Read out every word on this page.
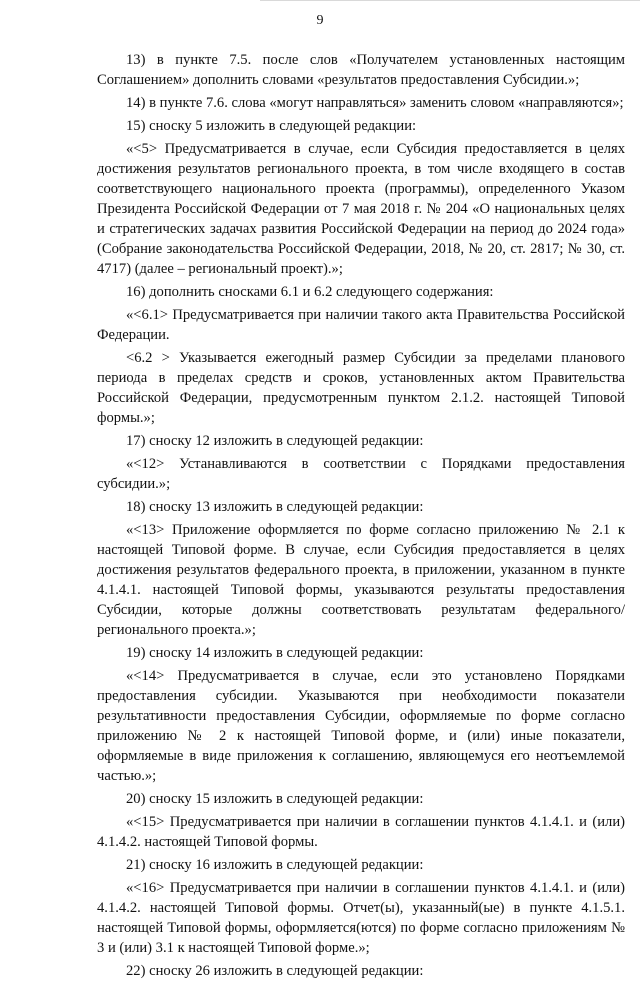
9

13) в пункте 7.5. после слов «Получателем установленных настоящим Соглашением» дополнить словами «результатов предоставления Субсидии.»;

14) в пункте 7.6. слова «могут направляться» заменить словом «направляются»;

15) сноску 5 изложить в следующей редакции:

«<5> Предусматривается в случае, если Субсидия предоставляется в целях достижения результатов регионального проекта, в том числе входящего в состав соответствующего национального проекта (программы), определенного Указом Президента Российской Федерации от 7 мая 2018 г. № 204 «О национальных целях и стратегических задачах развития Российской Федерации на период до 2024 года» (Собрание законодательства Российской Федерации, 2018, № 20, ст. 2817; № 30, ст. 4717) (далее – региональный проект).»;

16) дополнить сносками 6.1 и 6.2 следующего содержания:

«<6.1> Предусматривается при наличии такого акта Правительства Российской Федерации.

<6.2 > Указывается ежегодный размер Субсидии за пределами планового периода в пределах средств и сроков, установленных актом Правительства Российской Федерации, предусмотренным пунктом 2.1.2. настоящей Типовой формы.»;

17) сноску 12 изложить в следующей редакции:

«<12> Устанавливаются в соответствии с Порядками предоставления субсидии.»;

18) сноску 13 изложить в следующей редакции:

«<13> Приложение оформляется по форме согласно приложению № 2.1 к настоящей Типовой форме. В случае, если Субсидия предоставляется в целях достижения результатов федерального проекта, в приложении, указанном в пункте 4.1.4.1. настоящей Типовой формы, указываются результаты предоставления Субсидии, которые должны соответствовать результатам федерального/регионального проекта.»;

19) сноску 14 изложить в следующей редакции:

«<14> Предусматривается в случае, если это установлено Порядками предоставления субсидии. Указываются при необходимости показатели результативности предоставления Субсидии, оформляемые по форме согласно приложению № 2 к настоящей Типовой форме, и (или) иные показатели, оформляемые в виде приложения к соглашению, являющемуся его неотъемлемой частью.»;

20) сноску 15 изложить в следующей редакции:

«<15> Предусматривается при наличии в соглашении пунктов 4.1.4.1. и (или) 4.1.4.2. настоящей Типовой формы.

21) сноску 16 изложить в следующей редакции:

«<16> Предусматривается при наличии в соглашении пунктов 4.1.4.1. и (или) 4.1.4.2. настоящей Типовой формы. Отчет(ы), указанный(ые) в пункте 4.1.5.1. настоящей Типовой формы, оформляется(ются) по форме согласно приложениям № 3 и (или) 3.1 к настоящей Типовой форме.»;

22) сноску 26 изложить в следующей редакции:
